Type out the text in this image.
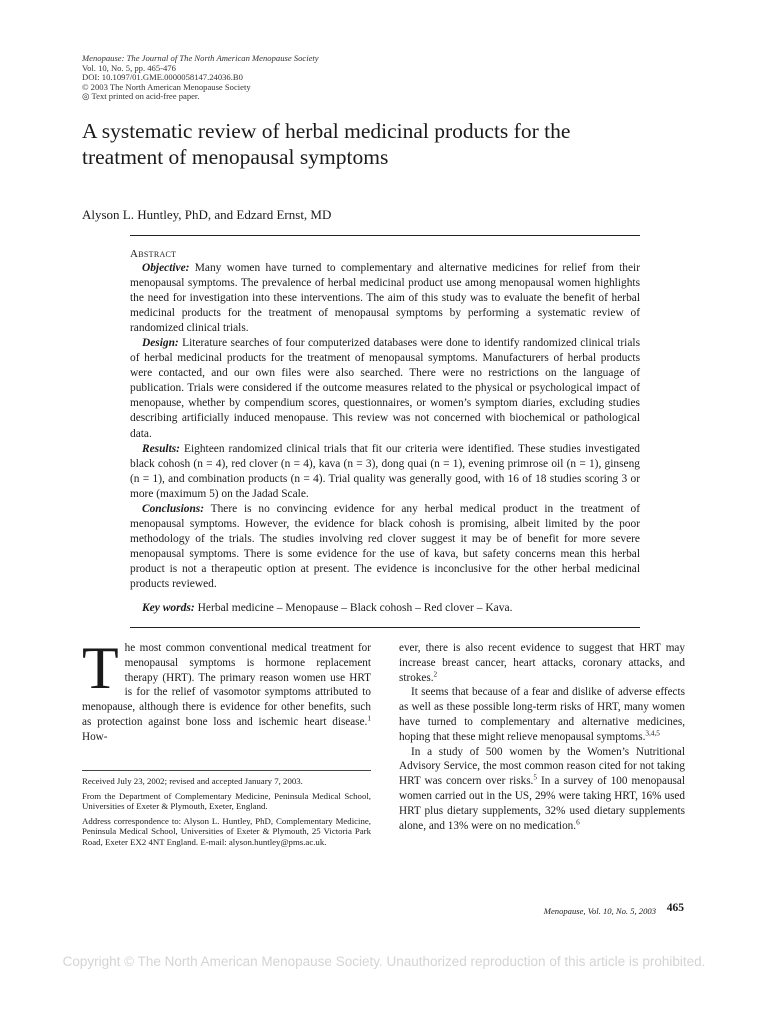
Menopause: The Journal of The North American Menopause Society
Vol. 10, No. 5, pp. 465-476
DOI: 10.1097/01.GME.0000058147.24036.B0
© 2003 The North American Menopause Society
◎ Text printed on acid-free paper.
A systematic review of herbal medicinal products for the treatment of menopausal symptoms
Alyson L. Huntley, PhD, and Edzard Ernst, MD
Abstract

Objective: Many women have turned to complementary and alternative medicines for relief from their menopausal symptoms. The prevalence of herbal medicinal product use among menopausal women highlights the need for investigation into these interventions. The aim of this study was to evaluate the benefit of herbal medicinal products for the treatment of menopausal symptoms by performing a systematic review of randomized clinical trials.

Design: Literature searches of four computerized databases were done to identify randomized clinical trials of herbal medicinal products for the treatment of menopausal symptoms. Manufacturers of herbal products were contacted, and our own files were also searched. There were no restrictions on the language of publication. Trials were considered if the outcome measures related to the physical or psychological impact of menopause, whether by compendium scores, questionnaires, or women’s symptom diaries, excluding studies describing artificially induced menopause. This review was not concerned with biochemical or pathological data.

Results: Eighteen randomized clinical trials that fit our criteria were identified. These studies investigated black cohosh (n = 4), red clover (n = 4), kava (n = 3), dong quai (n = 1), evening primrose oil (n = 1), ginseng (n = 1), and combination products (n = 4). Trial quality was generally good, with 16 of 18 studies scoring 3 or more (maximum 5) on the Jadad Scale.

Conclusions: There is no convincing evidence for any herbal medical product in the treatment of menopausal symptoms. However, the evidence for black cohosh is promising, albeit limited by the poor methodology of the trials. The studies involving red clover suggest it may be of benefit for more severe menopausal symptoms. There is some evidence for the use of kava, but safety concerns mean this herbal product is not a therapeutic option at present. The evidence is inconclusive for the other herbal medicinal products reviewed.

Key words: Herbal medicine – Menopause – Black cohosh – Red clover – Kava.

The most common conventional medical treatment for menopausal symptoms is hormone replacement therapy (HRT). The primary reason women use HRT is for the relief of vasomotor symptoms attributed to menopause, although there is evidence for other benefits, such as protection against bone loss and ischemic heart disease.$^1$ How-

Received July 23, 2002; revised and accepted January 7, 2003.

From the Department of Complementary Medicine, Peninsula Medical School, Universities of Exeter & Plymouth, Exeter, England.

Address correspondence to: Alyson L. Huntley, PhD, Complementary Medicine, Peninsula Medical School, Universities of Exeter & Plymouth, 25 Victoria Park Road, Exeter EX2 4NT England. E-mail: alyson.huntley@pms.ac.uk.

ever, there is also recent evidence to suggest that HRT may increase breast cancer, heart attacks, coronary attacks, and strokes.$^2$

It seems that because of a fear and dislike of adverse effects as well as these possible long-term risks of HRT, many women have turned to complementary and alternative medicines, hoping that these might relieve menopausal symptoms.$^{3,4,5}$

In a study of 500 women by the Women’s Nutritional Advisory Service, the most common reason cited for not taking HRT was concern over risks.$^5$ In a survey of 100 menopausal women carried out in the US, 29% were taking HRT, 16% used HRT plus dietary supplements, 32% used dietary supplements alone, and 13% were on no medication.$^6$

Menopause, Vol. 10, No. 5, 2003 465
Copyright © The North American Menopause Society. Unauthorized reproduction of this article is prohibited.
